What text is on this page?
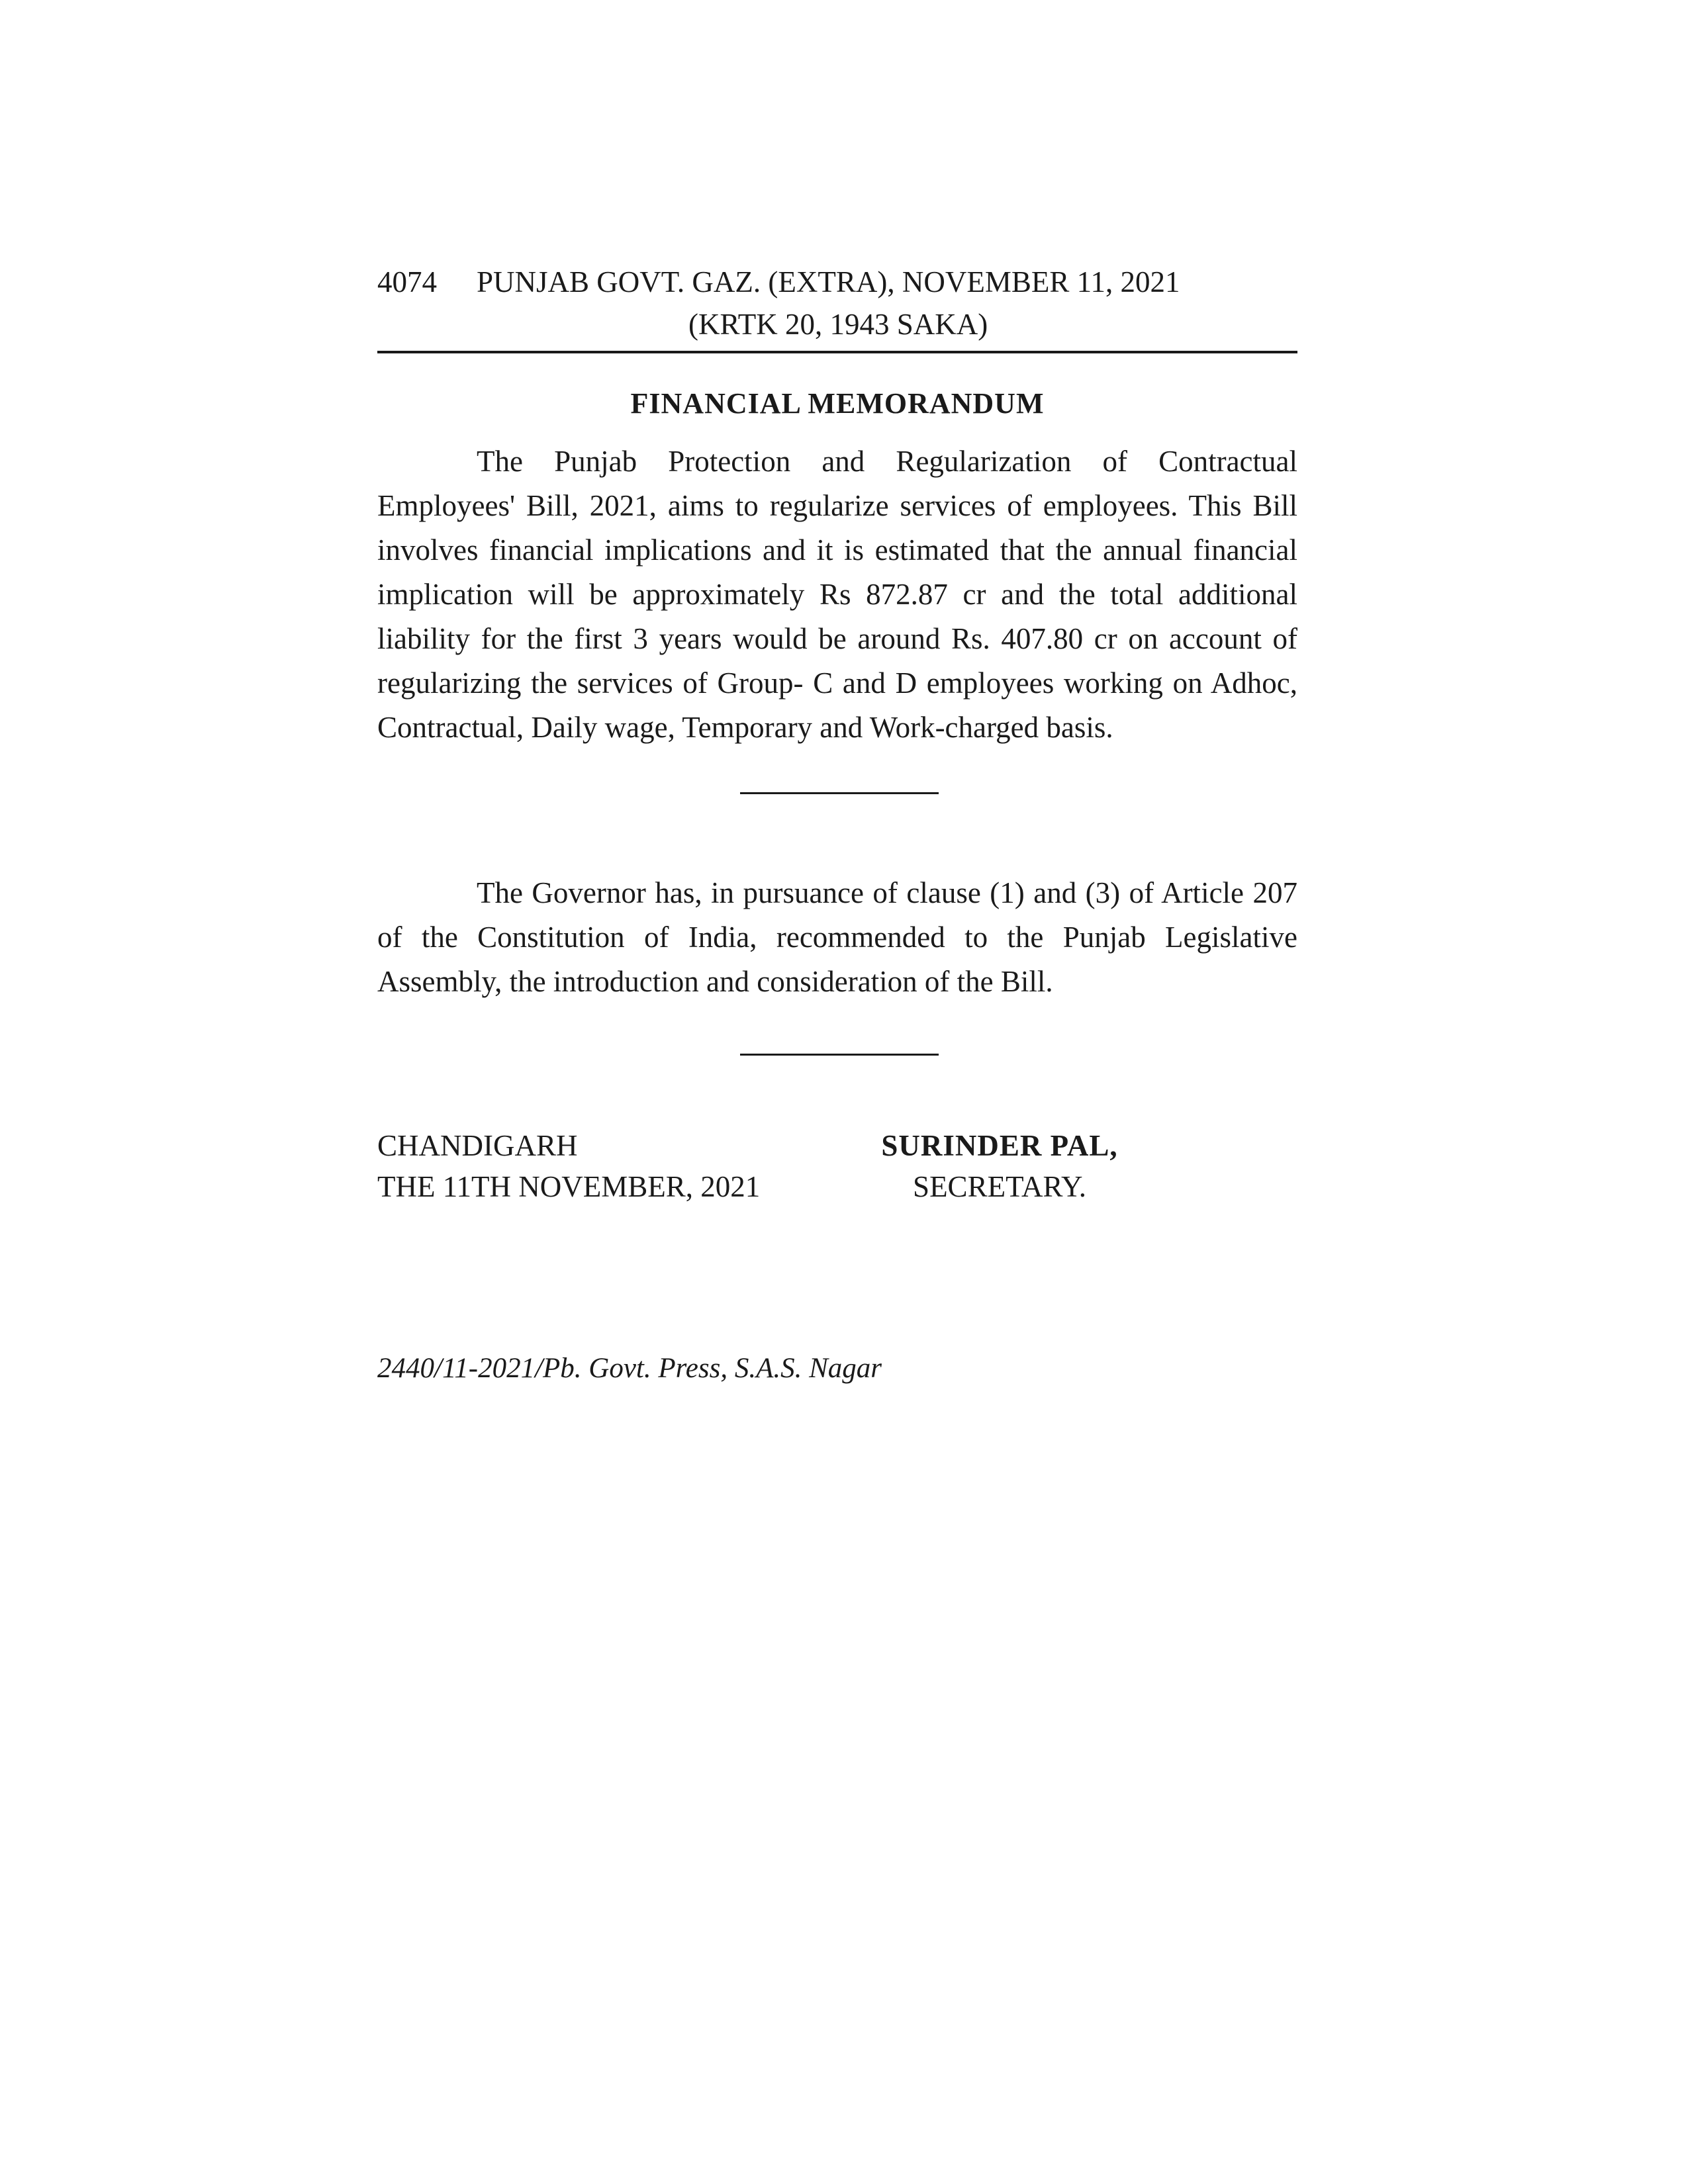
4074 PUNJAB GOVT. GAZ. (EXTRA), NOVEMBER 11, 2021
(KRTK 20, 1943 SAKA)
FINANCIAL MEMORANDUM

The Punjab Protection and Regularization of Contractual Employees' Bill, 2021, aims to regularize services of employees. This Bill involves financial implications and it is estimated that the annual financial implication will be approximately Rs 872.87 cr and the total additional liability for the first 3 years would be around Rs. 407.80 cr on account of regularizing the services of Group- C and D employees working on Adhoc, Contractual, Daily wage, Temporary and Work-charged basis.

The Governor has, in pursuance of clause (1) and (3) of Article 207 of the Constitution of India, recommended to the Punjab Legislative Assembly, the introduction and consideration of the Bill.

CHANDIGARH
THE 11TH NOVEMBER, 2021
SURINDER PAL,
SECRETARY.
2440/11-2021/Pb. Govt. Press, S.A.S. Nagar
